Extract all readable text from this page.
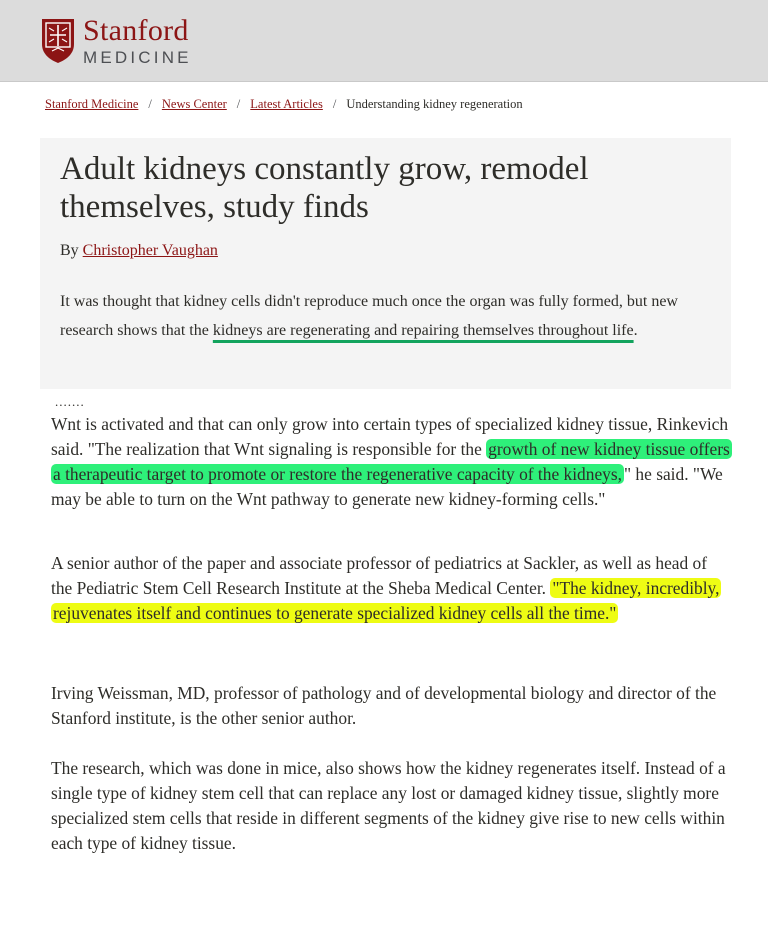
Stanford
MEDICINE
Stanford Medicine / News Center / Latest Articles / Understanding kidney regeneration
Adult kidneys constantly grow, remodel themselves, study finds
By Christopher Vaughan

It was thought that kidney cells didn't reproduce much once the organ was fully formed, but new research shows that the kidneys are regenerating and repairing themselves throughout life.

.......

Wnt is activated and that can only grow into certain types of specialized kidney tissue, Rinkevich said. "The realization that Wnt signaling is responsible for the growth of new kidney tissue offers a therapeutic target to promote or restore the regenerative capacity of the kidneys, " he said. "We may be able to turn on the Wnt pathway to generate new kidney-forming cells."

A senior author of the paper and associate professor of pediatrics at Sackler, as well as head of the Pediatric Stem Cell Research Institute at the Sheba Medical Center. "The kidney, incredibly, rejuvenates itself and continues to generate specialized kidney cells all the time."

Irving Weissman, MD, professor of pathology and of developmental biology and director of the Stanford institute, is the other senior author.

The research, which was done in mice, also shows how the kidney regenerates itself. Instead of a single type of kidney stem cell that can replace any lost or damaged kidney tissue, slightly more specialized stem cells that reside in different segments of the kidney give rise to new cells within each type of kidney tissue.
